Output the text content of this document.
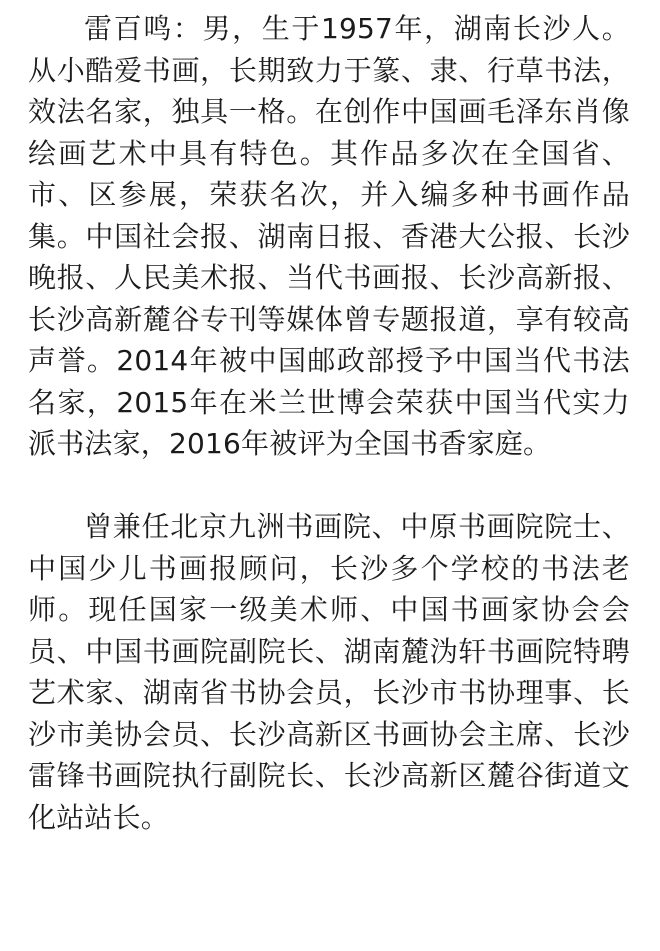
雷百鸣：男，生于1957年，湖南长沙人。从小酷爱书画，长期致力于篆、隶、行草书法，效法名家，独具一格。在创作中国画毛泽东肖像绘画艺术中具有特色。其作品多次在全国省、市、区参展，荣获名次，并入编多种书画作品集。中国社会报、湖南日报、香港大公报、长沙晚报、人民美术报、当代书画报、长沙高新报、长沙高新麓谷专刊等媒体曾专题报道，享有较高声誉。2014年被中国邮政部授予中国当代书法名家，2015年在米兰世博会荣获中国当代实力派书法家，2016年被评为全国书香家庭。

曾兼任北京九洲书画院、中原书画院院士、中国少儿书画报顾问，长沙多个学校的书法老师。现任国家一级美术师、中国书画家协会会员、中国书画院副院长、湖南麓沩轩书画院特聘艺术家、湖南省书协会员，长沙市书协理事、长沙市美协会员、长沙高新区书画协会主席、长沙雷锋书画院执行副院长、长沙高新区麓谷街道文化站站长。
